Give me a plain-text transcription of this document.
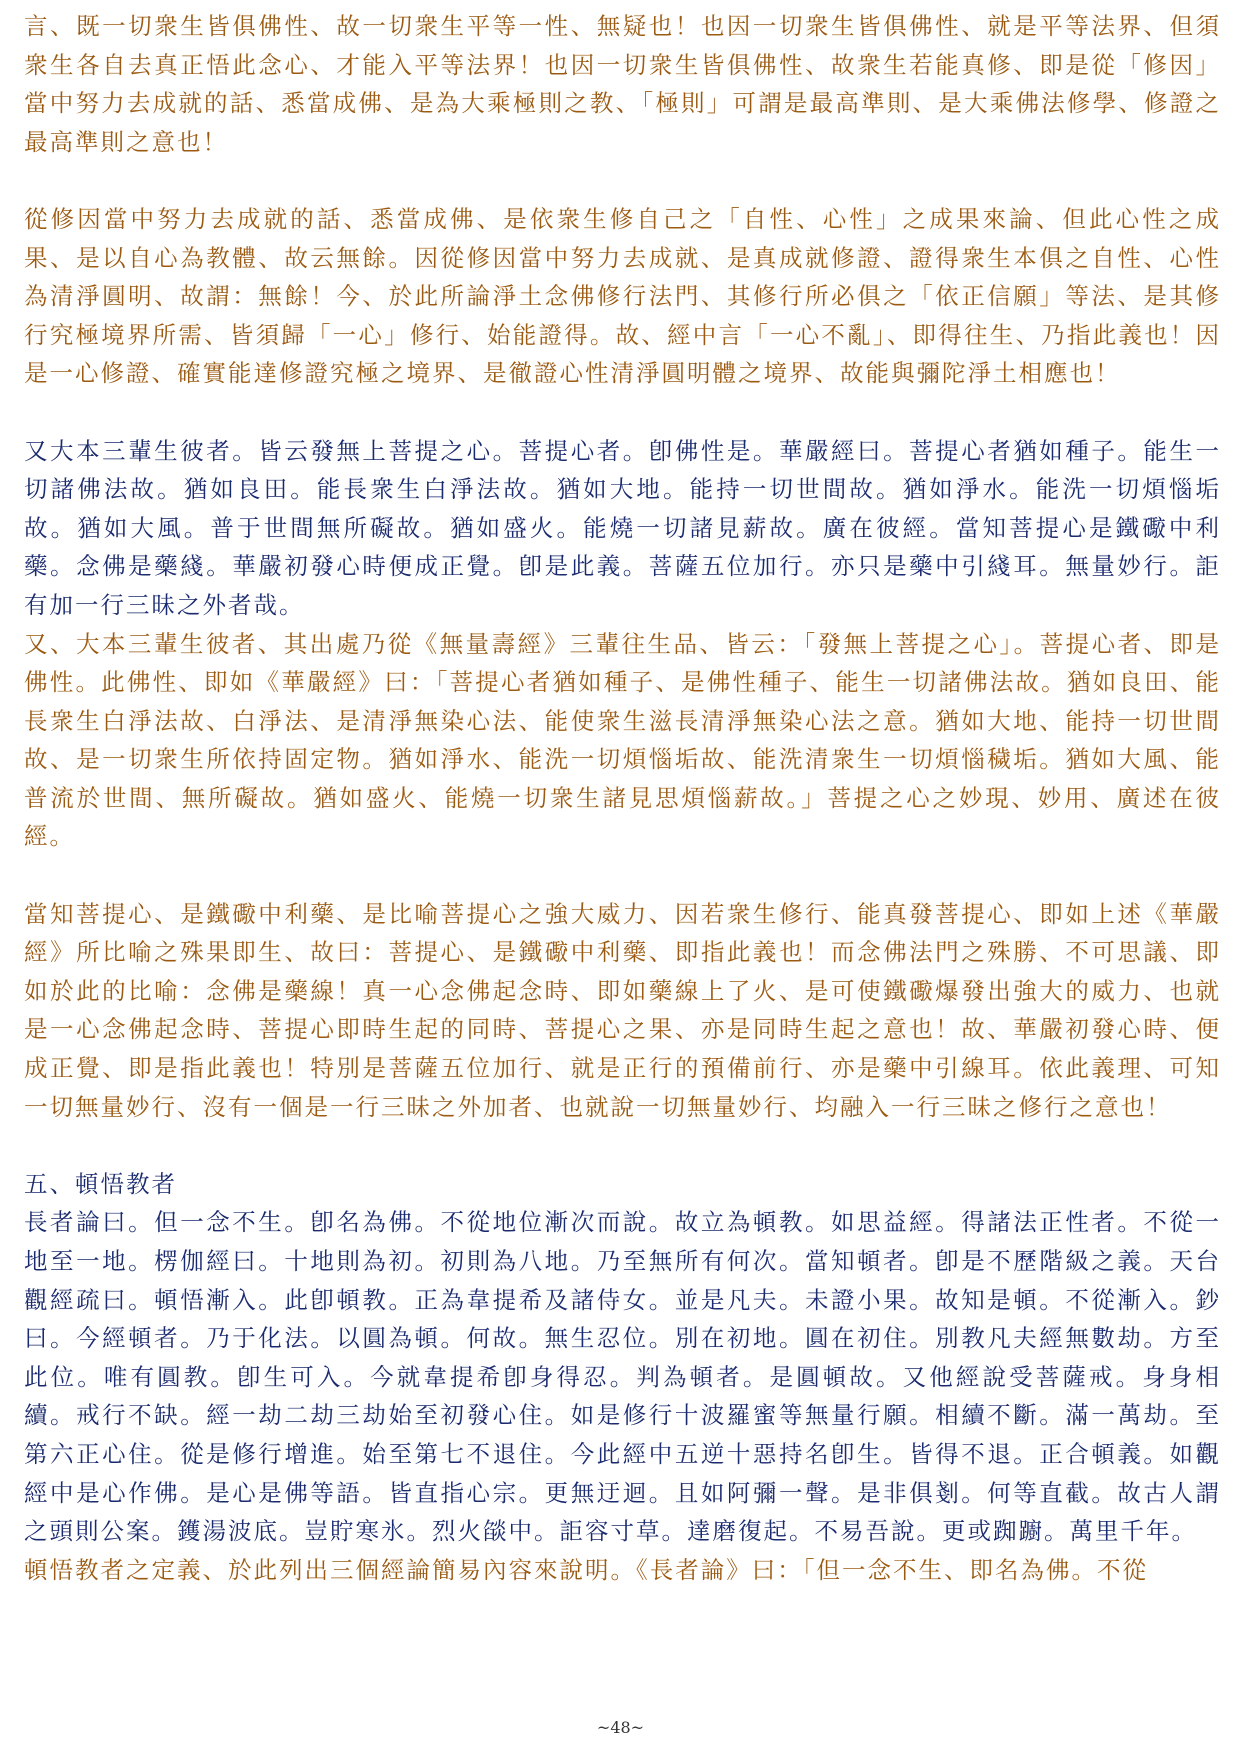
言、既一切衆生皆俱佛性、故一切衆生平等一性、無疑也！也因一切衆生皆俱佛性、就是平等法界、但須衆生各自去真正悟此念心、才能入平等法界！也因一切衆生皆俱佛性、故衆生若能真修、即是從「修因」當中努力去成就的話、悉當成佛、是為大乘極則之教、「極則」可謂是最高準則、是大乘佛法修學、修證之最高準則之意也！

從修因當中努力去成就的話、悉當成佛、是依衆生修自己之「自性、心性」之成果來論、但此心性之成果、是以自心為教體、故云無餘。因從修因當中努力去成就、是真成就修證、證得衆生本俱之自性、心性為清淨圓明、故謂：無餘！今、於此所論淨土念佛修行法門、其修行所必俱之「依正信願」等法、是其修行究極境界所需、皆須歸「一心」修行、始能證得。故、經中言「一心不亂」、即得往生、乃指此義也！因是一心修證、確實能達修證究極之境界、是徹證心性清淨圓明體之境界、故能與彌陀淨土相應也！

又大本三輩生彼者。皆云發無上菩提之心。菩提心者。卽佛性是。華嚴經曰。菩提心者猶如種子。能生一切諸佛法故。猶如良田。能長衆生白淨法故。猶如大地。能持一切世間故。猶如淨水。能洗一切煩惱垢故。猶如大風。普于世間無所礙故。猶如盛火。能燒一切諸見薪故。廣在彼經。當知菩提心是鐵礮中利藥。念佛是藥綫。華嚴初發心時便成正覺。卽是此義。菩薩五位加行。亦只是藥中引綫耳。無量妙行。詎有加一行三昧之外者哉。

又、大本三輩生彼者、其出處乃從《無量壽經》三輩往生品、皆云：「發無上菩提之心」。菩提心者、即是佛性。此佛性、即如《華嚴經》曰：「菩提心者猶如種子、是佛性種子、能生一切諸佛法故。猶如良田、能長衆生白淨法故、白淨法、是清淨無染心法、能使衆生滋長清淨無染心法之意。猶如大地、能持一切世間故、是一切衆生所依持固定物。猶如淨水、能洗一切煩惱垢故、能洗清衆生一切煩惱穢垢。猶如大風、能普流於世間、無所礙故。猶如盛火、能燒一切衆生諸見思煩惱薪故。」菩提之心之妙現、妙用、廣述在彼經。

當知菩提心、是鐵礮中利藥、是比喻菩提心之強大威力、因若衆生修行、能真發菩提心、即如上述《華嚴經》所比喻之殊果即生、故曰：菩提心、是鐵礮中利藥、即指此義也！而念佛法門之殊勝、不可思議、即如於此的比喻：念佛是藥線！真一心念佛起念時、即如藥線上了火、是可使鐵礮爆發出強大的威力、也就是一心念佛起念時、菩提心即時生起的同時、菩提心之果、亦是同時生起之意也！故、華嚴初發心時、便成正覺、即是指此義也！特別是菩薩五位加行、就是正行的預備前行、亦是藥中引線耳。依此義理、可知一切無量妙行、沒有一個是一行三昧之外加者、也就說一切無量妙行、均融入一行三昧之修行之意也！

五、頓悟教者

長者論曰。但一念不生。卽名為佛。不從地位漸次而說。故立為頓教。如思益經。得諸法正性者。不從一地至一地。楞伽經曰。十地則為初。初則為八地。乃至無所有何次。當知頓者。卽是不歷階級之義。天台觀經疏曰。頓悟漸入。此卽頓教。正為韋提希及諸侍女。並是凡夫。未證小果。故知是頓。不從漸入。鈔曰。今經頓者。乃于化法。以圓為頓。何故。無生忍位。別在初地。圓在初住。別教凡夫經無數劫。方至此位。唯有圓教。卽生可入。今就韋提希卽身得忍。判為頓者。是圓頓故。又他經說受菩薩戒。身身相續。戒行不缺。經一劫二劫三劫始至初發心住。如是修行十波羅蜜等無量行願。相續不斷。滿一萬劫。至第六正心住。從是修行增進。始至第七不退住。今此經中五逆十惡持名卽生。皆得不退。正合頓義。如觀經中是心作佛。是心是佛等語。皆直指心宗。更無迂迴。且如阿彌一聲。是非俱剗。何等直截。故古人謂之頭則公案。鑊湯波底。豈貯寒氷。烈火燄中。詎容寸草。達磨復起。不易吾說。更或踟躕。萬里千年。

頓悟教者之定義、於此列出三個經論簡易內容來說明。《長者論》曰：「但一念不生、即名為佛。不從

~48~
